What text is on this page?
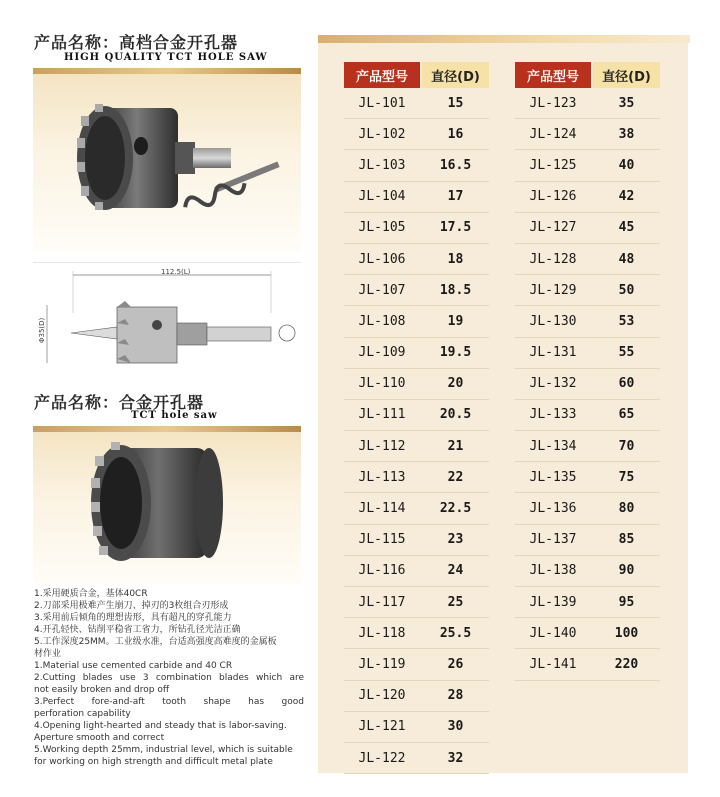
产品名称：高档合金开孔器
HIGH QUALITY TCT HOLE SAW
112.5(L)
Φ35(D)
产品名称：合金开孔器
TCT hole saw
1.采用硬质合金，基体40CR
2.刀部采用极难产生崩刀、掉刃的3枚组合刃形成
3.采用前后倾角的理想齿形，具有超凡的穿孔能力
4.开孔轻快、钻削平稳省工省力，所钻孔径光洁正确
5.工作深度25MM。工业级水准，台适高强度高难度的金属板
材作业
1.Material use cemented carbide and 40 CR
2.Cutting blades use 3 combination blades which are
not easily broken and drop off
3.Perfect fore-and-aft tooth shape has good
perforation capability
4.Opening light-hearted and steady that is labor-saving.
Aperture smooth and correct
5.Working depth 25mm, industrial level, which is suitable
for working on high strength and difficult metal plate
产品型号	直径(D)
JL-101	15
JL-102	16
JL-103	16.5
JL-104	17
JL-105	17.5
JL-106	18
JL-107	18.5
JL-108	19
JL-109	19.5
JL-110	20
JL-111	20.5
JL-112	21
JL-113	22
JL-114	22.5
JL-115	23
JL-116	24
JL-117	25
JL-118	25.5
JL-119	26
JL-120	28
JL-121	30
JL-122	32
产品型号	直径(D)
JL-123	35
JL-124	38
JL-125	40
JL-126	42
JL-127	45
JL-128	48
JL-129	50
JL-130	53
JL-131	55
JL-132	60
JL-133	65
JL-134	70
JL-135	75
JL-136	80
JL-137	85
JL-138	90
JL-139	95
JL-140	100
JL-141	220
